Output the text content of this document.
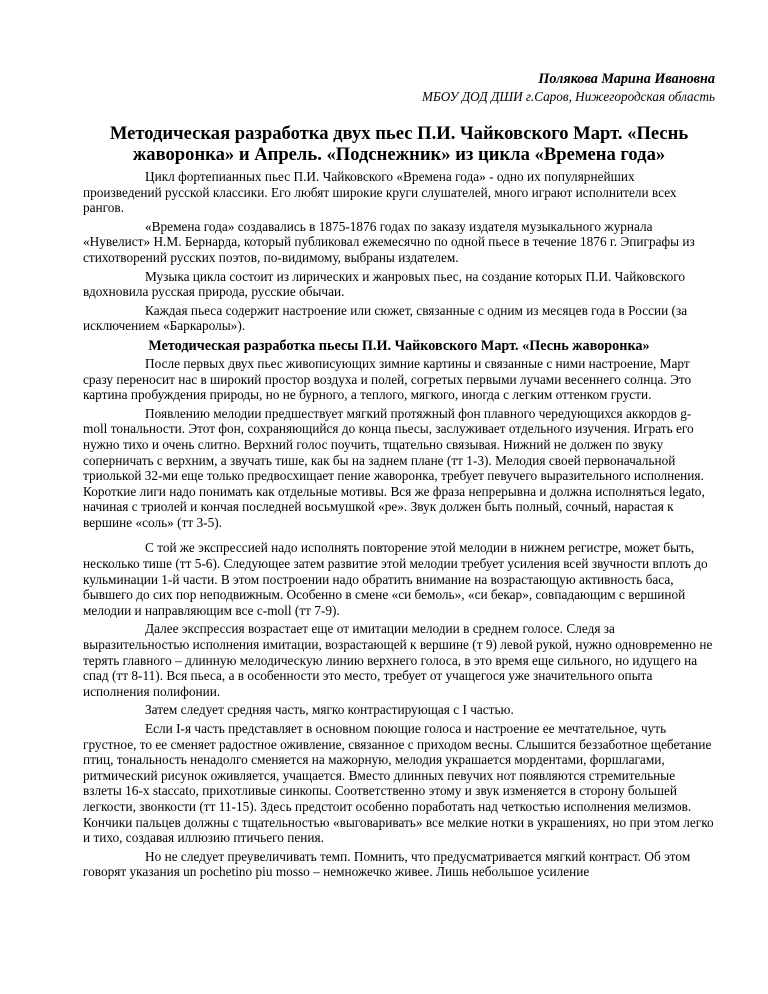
Полякова Марина Ивановна

МБОУ ДОД ДШИ г.Саров, Нижегородская область

Методическая разработка двух пьес П.И. Чайковского Март. «Песнь жаворонка» и Апрель. «Подснежник» из цикла «Времена года»

Цикл фортепианных пьес П.И. Чайковского «Времена года» - одно их популярнейших произведений русской классики. Его любят широкие круги слушателей, много играют исполнители всех рангов.

«Времена года» создавались в 1875-1876 годах по заказу издателя музыкального журнала «Нувелист» Н.М. Бернарда, который публиковал ежемесячно по одной пьесе в течение 1876 г. Эпиграфы из стихотворений русских поэтов, по-видимому, выбраны издателем.

Музыка цикла состоит из лирических и жанровых пьес, на создание которых П.И. Чайковского вдохновила русская природа, русские обычаи.

Каждая пьеса содержит настроение или сюжет, связанные с одним из месяцев года в России (за исключением «Баркаролы»).

Методическая разработка пьесы П.И. Чайковского Март. «Песнь жаворонка»

После первых двух пьес живописующих зимние картины и связанные с ними настроение, Март сразу переносит нас в широкий простор воздуха и полей, согретых первыми лучами весеннего солнца. Это картина пробуждения природы, но не бурного, а теплого, мягкого, иногда с легким оттенком грусти.

Появлению мелодии предшествует мягкий протяжный фон плавного чередующихся аккордов g-moll тональности. Этот фон, сохраняющийся до конца пьесы, заслуживает отдельного изучения. Играть его нужно тихо и очень слитно. Верхний голос поучить, тщательно связывая. Нижний не должен по звуку соперничать с верхним, а звучать тише, как бы на заднем плане (тт 1-3). Мелодия своей первоначальной триолькой 32-ми еще только предвосхищает пение жаворонка, требует певучего выразительного исполнения. Короткие лиги надо понимать как отдельные мотивы. Вся же фраза непрерывна и должна исполняться legato, начиная с триолей и кончая последней восьмушкой «ре». Звук должен быть полный, сочный, нарастая к вершине «соль» (тт 3-5).

С той же экспрессией надо исполнять повторение этой мелодии в нижнем регистре, может быть, несколько тише (тт 5-6). Следующее затем развитие этой мелодии требует усиления всей звучности вплоть до кульминации 1-й части. В этом построении надо обратить внимание на возрастающую активность баса, бывшего до сих пор неподвижным. Особенно в смене «си бемоль», «си бекар», совпадающим с вершиной мелодии и направляющим все c-moll (тт 7-9).

Далее экспрессия возрастает еще от имитации мелодии в среднем голосе. Следя за выразительностью исполнения имитации, возрастающей к вершине (т 9) левой рукой, нужно одновременно не терять главного – длинную мелодическую линию верхнего голоса, в это время еще сильного, но идущего на спад (тт 8-11). Вся пьеса, а в особенности это место, требует от учащегося уже значительного опыта исполнения полифонии.

Затем следует средняя часть, мягко контрастирующая с I частью.

Если I-я часть представляет в основном поющие голоса и настроение ее мечтательное, чуть грустное, то ее сменяет радостное оживление, связанное с приходом весны. Слышится беззаботное щебетание птиц, тональность ненадолго сменяется на мажорную, мелодия украшается мордентами, форшлагами, ритмический рисунок оживляется, учащается. Вместо длинных певучих нот появляются стремительные взлеты 16-х staccato, прихотливые синкопы. Соответственно этому и звук изменяется в сторону большей легкости, звонкости (тт 11-15). Здесь предстоит особенно поработать над четкостью исполнения мелизмов. Кончики пальцев должны с тщательностью «выговаривать» все мелкие нотки в украшениях, но при этом легко и тихо, создавая иллюзию птичьего пения.

Но не следует преувеличивать темп. Помнить, что предусматривается мягкий контраст. Об этом говорят указания un pochetino piu mosso – немножечко живее. Лишь небольшое усиление
